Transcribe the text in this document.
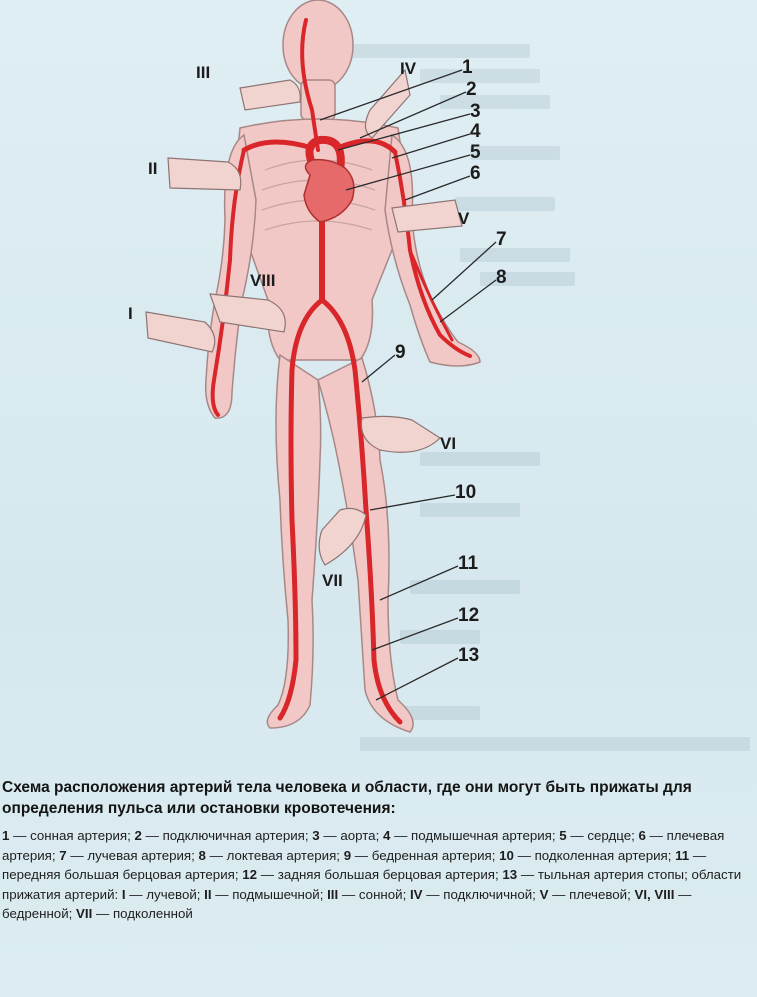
1
2
3
4
5
6
7
8
9
10
11
12
13
I
II
III	IV
V
VI
VII
VIII

Схема расположения артерий тела человека и области, где они могут быть прижаты для определения пульса или остановки кровотечения:

1 — сонная артерия; 2 — подключичная артерия; 3 — аорта; 4 — подмышечная артерия; 5 — сердце; 6 — плечевая артерия; 7 — лучевая артерия; 8 — локтевая артерия; 9 — бедренная артерия; 10 — подколенная артерия; 11 — передняя большая берцовая артерия; 12 — задняя большая берцовая артерия; 13 — тыльная артерия стопы; области прижатия артерий: I — лучевой; II — подмышечной; III — сонной; IV — подключичной; V — плечевой; VI, VIII — бедренной; VII — подколенной
